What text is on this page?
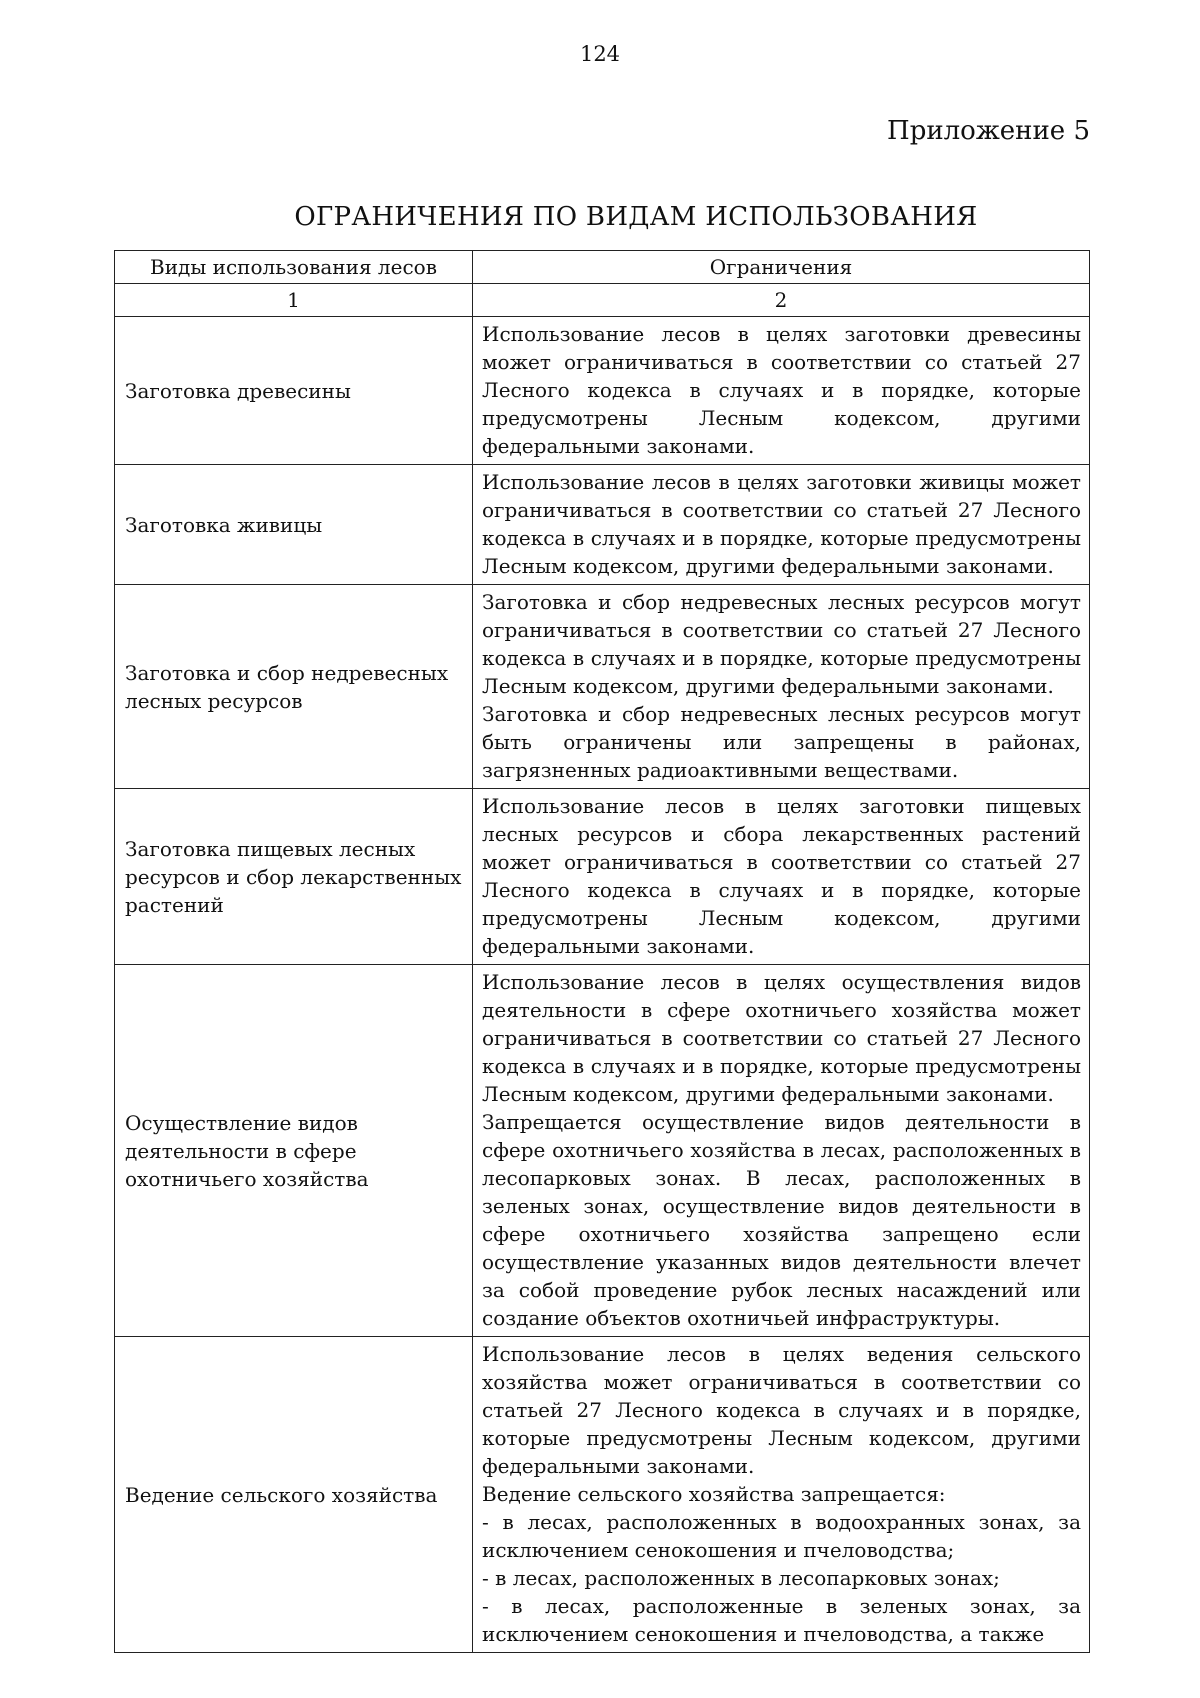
124
Приложение 5
ОГРАНИЧЕНИЯ ПО ВИДАМ ИСПОЛЬЗОВАНИЯ
Виды использования лесов	Ограничения
1	2
Заготовка древесины	Использование лесов в целях заготовки древесины может ограничиваться в соответствии со статьей 27 Лесного кодекса в случаях и в порядке, которые предусмотрены Лесным кодексом, другими федеральными законами.

Заготовка живицы	Использование лесов в целях заготовки живицы может ограничиваться в соответствии со статьей 27 Лесного кодекса в случаях и в порядке, которые предусмотрены Лесным кодексом, другими федеральными законами.

Заготовка и сбор недревесных лесных ресурсов	Заготовка и сбор недревесных лесных ресурсов могут ограничиваться в соответствии со статьей 27 Лесного кодекса в случаях и в порядке, которые предусмотрены Лесным кодексом, другими федеральными законами.

Заготовка и сбор недревесных лесных ресурсов могут быть ограничены или запрещены в районах, загрязненных радиоактивными веществами.

Заготовка пищевых лесных ресурсов и сбор лекарственных растений	Использование лесов в целях заготовки пищевых лесных ресурсов и сбора лекарственных растений может ограничиваться в соответствии со статьей 27 Лесного кодекса в случаях и в порядке, которые предусмотрены Лесным кодексом, другими федеральными законами.

Осуществление видов деятельности в сфере охотничьего хозяйства	Использование лесов в целях осуществления видов деятельности в сфере охотничьего хозяйства может ограничиваться в соответствии со статьей 27 Лесного кодекса в случаях и в порядке, которые предусмотрены Лесным кодексом, другими федеральными законами.

Запрещается осуществление видов деятельности в сфере охотничьего хозяйства в лесах, расположенных в лесопарковых зонах. В лесах, расположенных в зеленых зонах, осуществление видов деятельности в сфере охотничьего хозяйства запрещено если осуществление указанных видов деятельности влечет за собой проведение рубок лесных насаждений или создание объектов охотничьей инфраструктуры.

Ведение сельского хозяйства	Использование лесов в целях ведения сельского хозяйства может ограничиваться в соответствии со статьей 27 Лесного кодекса в случаях и в порядке, которые предусмотрены Лесным кодексом, другими федеральными законами.

Ведение сельского хозяйства запрещается:

- в лесах, расположенных в водоохранных зонах, за исключением сенокошения и пчеловодства;

- в лесах, расположенных в лесопарковых зонах;

- в лесах, расположенные в зеленых зонах, за исключением сенокошения и пчеловодства, а также
